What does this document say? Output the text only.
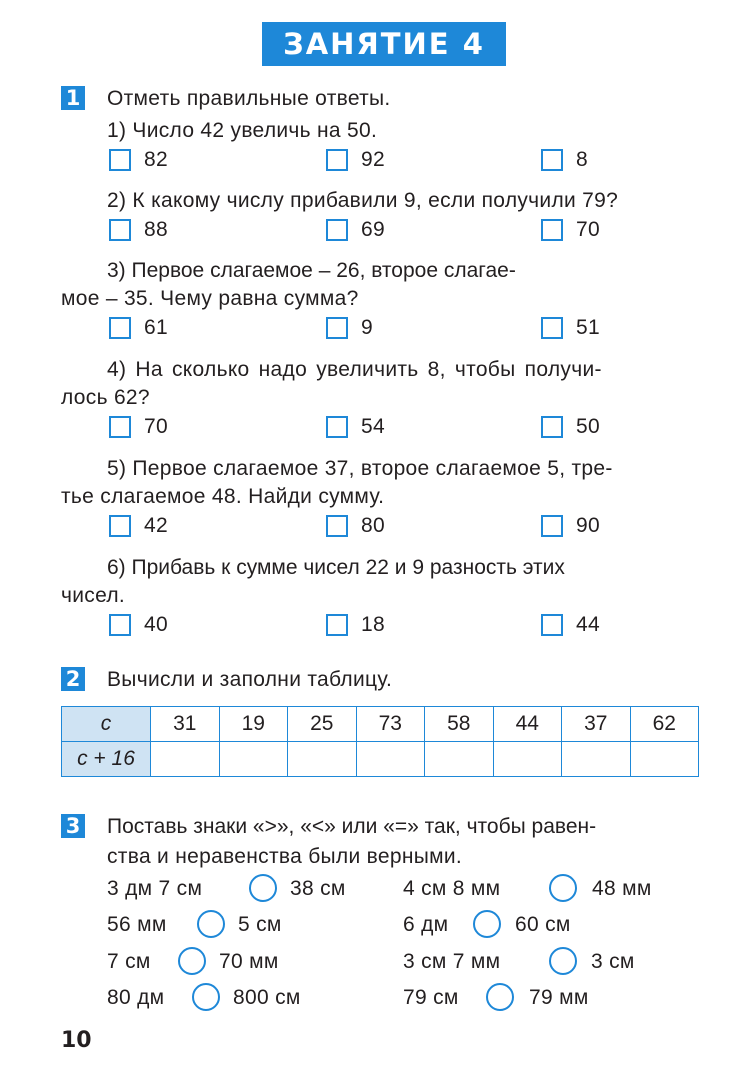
ЗАНЯТИЕ 4
1 Отметь правильные ответы.
1) Число 42 увеличь на 50.
82	92	8
2) К какому числу прибавили 9, если получили 79?
88	69	70
3) Первое слагаемое – 26, второе слагае-
мое – 35. Чему равна сумма?
61	9	51
4) На сколько надо увеличить 8, чтобы получи-
лось 62?
70	54	50
5) Первое слагаемое 37, второе слагаемое 5, тре-
тье слагаемое 48. Найди сумму.
42	80	90
6) Прибавь к сумме чисел 22 и 9 разность этих
чисел.
40	18	44
2 Вычисли и заполни таблицу.
c	31	19	25	73	58	44	37	62
c + 16								
3 Поставь знаки «>», «<» или «=» так, чтобы равен-
ства и неравенства были верными.
3 дм 7 см	38 см
56 мм	5 см
7 см	70 мм
80 дм	800 см
4 см 8 мм	48 мм
6 дм	60 см
3 см 7 мм	3 см
79 см	79 мм
10
